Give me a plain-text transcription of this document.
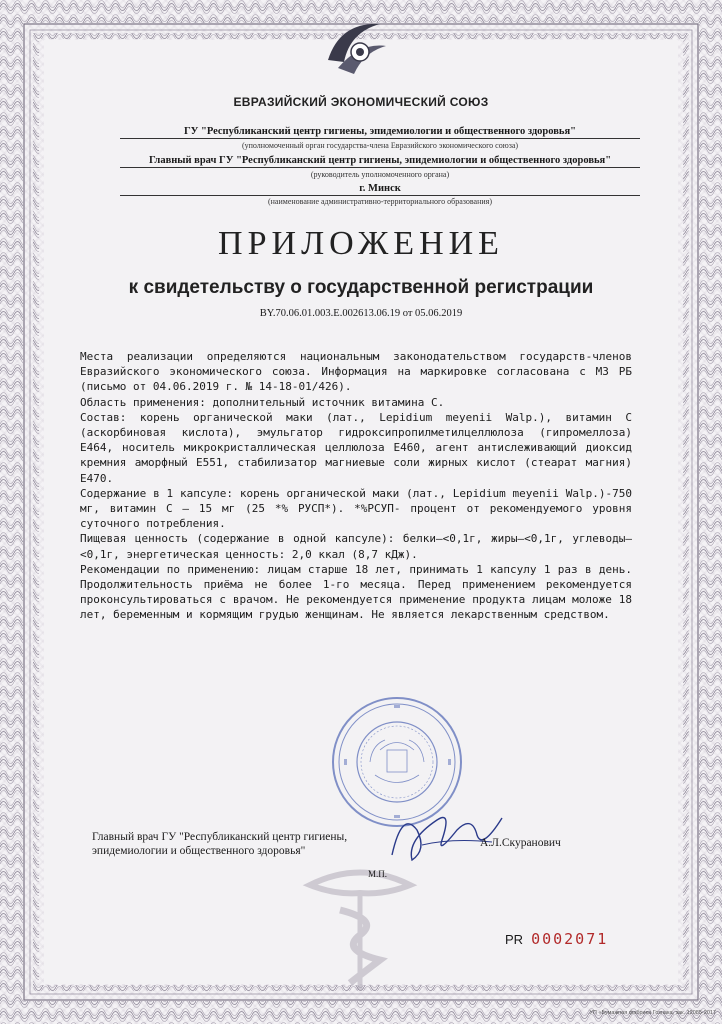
ЕВРАЗИЙСКИЙ ЭКОНОМИЧЕСКИЙ СОЮЗ
ГУ "Республиканский центр гигиены, эпидемиологии и общественного здоровья"
(уполномоченный орган государства-члена Евразийского экономического союза)
Главный врач ГУ "Республиканский центр гигиены, эпидемиологии и общественного здоровья"
(руководитель уполномоченного органа)
г. Минск
(наименование административно-территориального образования)
ПРИЛОЖЕНИЕ
к свидетельству о государственной регистрации
BY.70.06.01.003.E.002613.06.19 от 05.06.2019

Места реализации определяются национальным законодательством государств-членов Евразийского экономического союза. Информация на маркировке согласована с МЗ РБ (письмо от 04.06.2019 г. № 14-18-01/426).

Область применения: дополнительный источник витамина С.

Состав: корень органической маки (лат., Lepidium meyenii Walp.), витамин С (аскорбиновая кислота), эмульгатор гидроксипропилметилцеллюлоза (гипромеллоза) Е464, носитель микрокристаллическая целлюлоза Е460, агент антислеживающий диоксид кремния аморфный Е551, стабилизатор магниевые соли жирных кислот (стеарат магния) Е470.

Содержание в 1 капсуле: корень органической маки (лат., Lepidium meyenii Walp.)-750 мг, витамин С – 15 мг (25 *% РУСП*). *%РСУП- процент от рекомендуемого уровня суточного потребления.

Пищевая ценность (содержание в одной капсуле): белки–<0,1г, жиры–<0,1г, углеводы–<0,1г, энергетическая ценность: 2,0 ккал (8,7 кДж).

Рекомендации по применению: лицам старше 18 лет, принимать 1 капсулу 1 раз в день. Продолжительность приёма не более 1-го месяца. Перед применением рекомендуется проконсультироваться с врачом. Не рекомендуется применение продукта лицам моложе 18 лет, беременным и кормящим грудью женщинам. Не является лекарственным средством.

Главный врач ГУ "Республиканский центр гигиены, эпидемиологии и общественного здоровья"
А.Л.Скуранович
М.П.
PR 0002071
УП «Бумажная фабрика Гознака, зак. 12085-2017
